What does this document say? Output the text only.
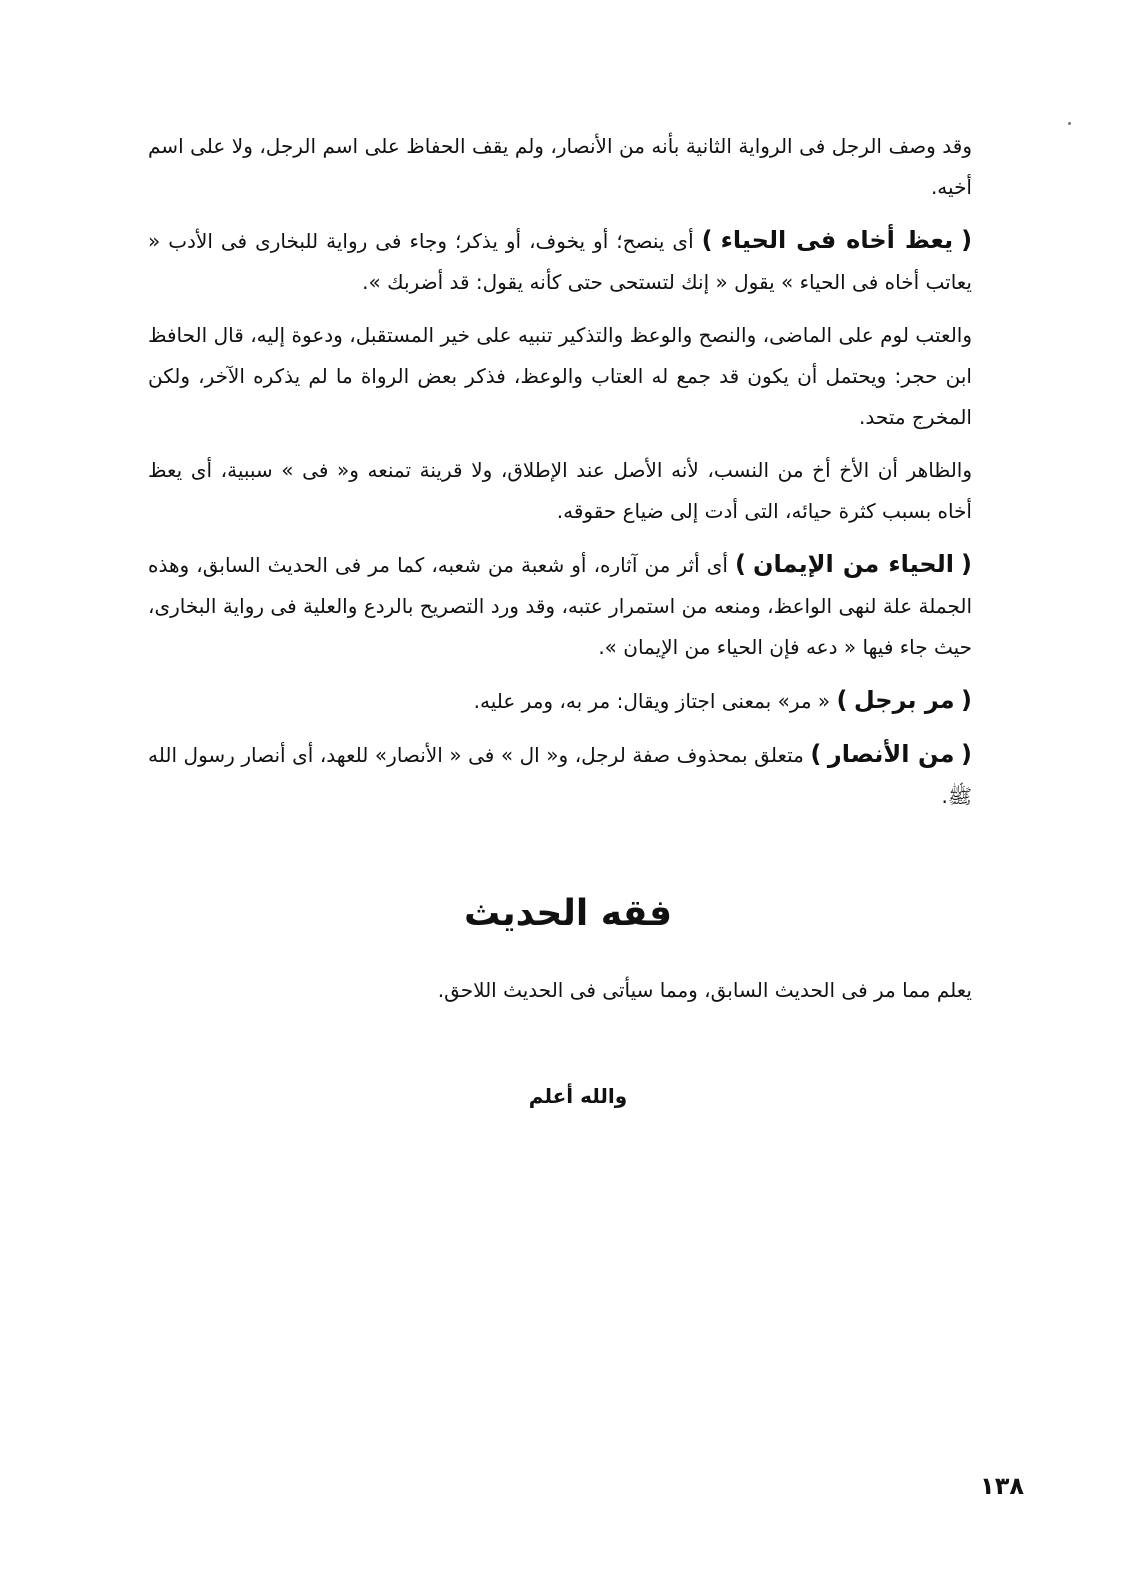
وقد وصف الرجل فى الرواية الثانية بأنه من الأنصار، ولم يقف الحفاظ على اسم الرجل، ولا على اسم أخيه.

( يعظ أخاه فى الحياء ) أى ينصح؛ أو يخوف، أو يذكر؛ وجاء فى رواية للبخارى فى الأدب « يعاتب أخاه فى الحياء » يقول « إنك لتستحى حتى كأنه يقول: قد أضربك ».

والعتب لوم على الماضى، والنصح والوعظ والتذكير تنبيه على خير المستقبل، ودعوة إليه، قال الحافظ ابن حجر: ويحتمل أن يكون قد جمع له العتاب والوعظ، فذكر بعض الرواة ما لم يذكره الآخر، ولكن المخرج متحد.

والظاهر أن الأخ أخ من النسب، لأنه الأصل عند الإطلاق، ولا قرينة تمنعه و« فى » سببية، أى يعظ أخاه بسبب كثرة حيائه، التى أدت إلى ضياع حقوقه.

( الحياء من الإيمان ) أى أثر من آثاره، أو شعبة من شعبه، كما مر فى الحديث السابق، وهذه الجملة علة لنهى الواعظ، ومنعه من استمرار عتبه، وقد ورد التصريح بالردع والعلية فى رواية البخارى، حيث جاء فيها « دعه فإن الحياء من الإيمان ».

( مر برجل ) « مر» بمعنى اجتاز ويقال: مر به، ومر عليه.

( من الأنصار ) متعلق بمحذوف صفة لرجل، و« ال » فى « الأنصار» للعهد، أى أنصار رسول الله ﷺ.

فقه الحديث
يعلم مما مر فى الحديث السابق، ومما سيأتى فى الحديث اللاحق.
والله أعلم
١٣٨
